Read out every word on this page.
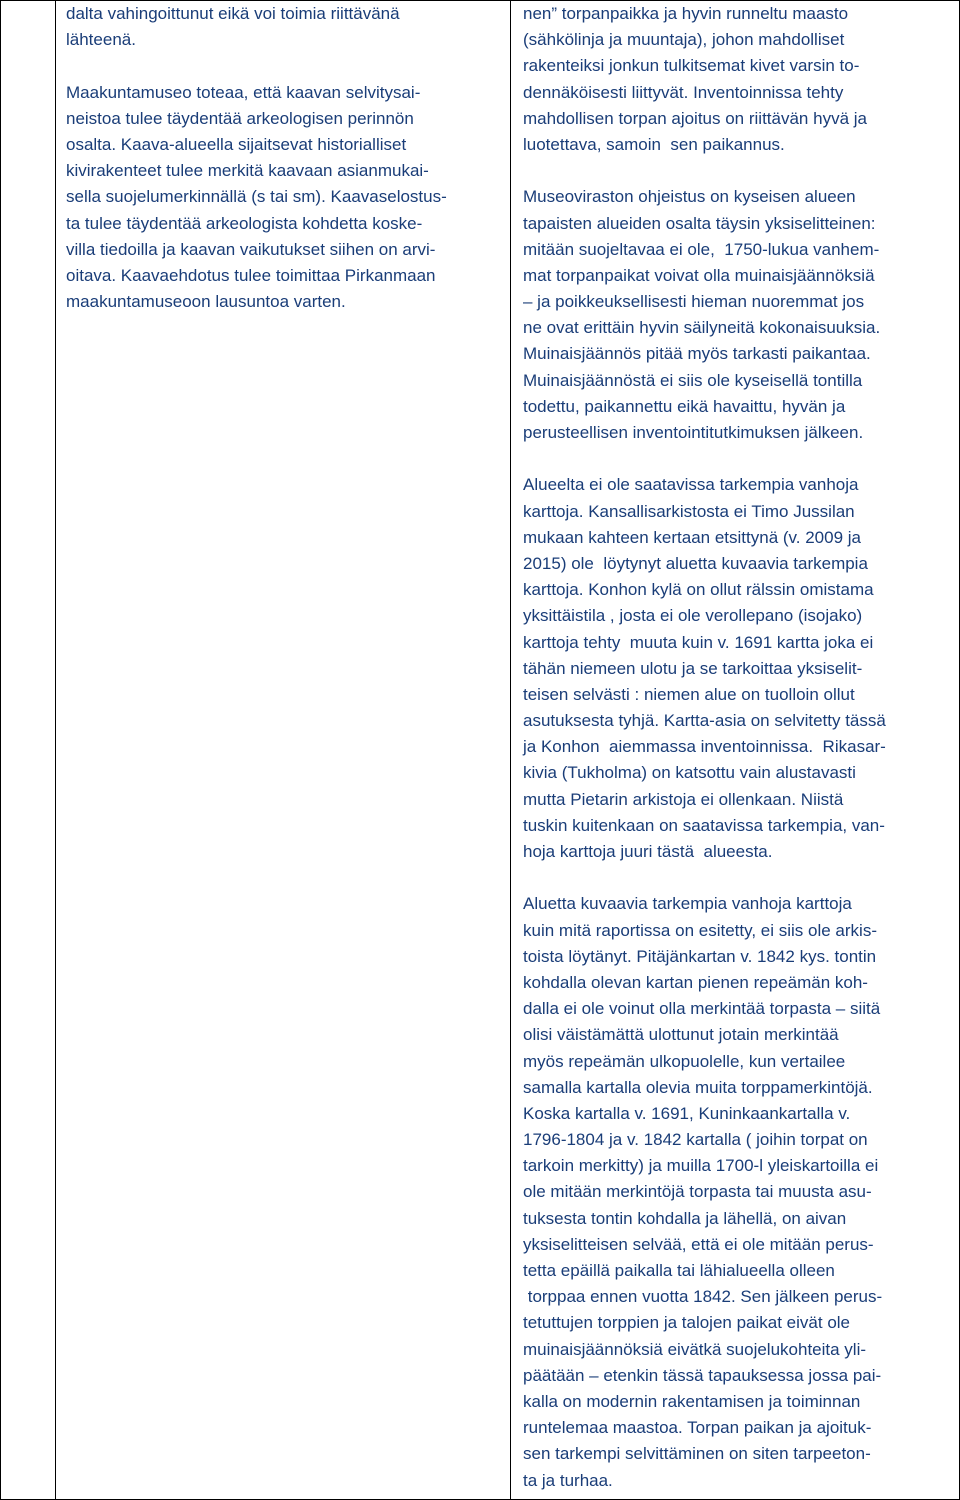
dalta vahingoittunut eikä voi toimia riittävänä
lähteenä.
Maakuntamuseo toteaa, että kaavan selvitysai-
neistoa tulee täydentää arkeologisen perinnön
osalta. Kaava-alueella sijaitsevat historialliset
kivirakenteet tulee merkitä kaavaan asianmukai-
sella suojelumerkinnällä (s tai sm). Kaavaselostus-
ta tulee täydentää arkeologista kohdetta koske-
villa tiedoilla ja kaavan vaikutukset siihen on arvi-
oitava. Kaavaehdotus tulee toimittaa Pirkanmaan
maakuntamuseoon lausuntoa varten.
nen” torpanpaikka ja hyvin runneltu maasto
(sähkölinja ja muuntaja), johon mahdolliset
rakenteiksi jonkun tulkitsemat kivet varsin to-
dennäköisesti liittyvät. Inventoinnissa tehty
mahdollisen torpan ajoitus on riittävän hyvä ja
luotettava, samoin  sen paikannus.
Museoviraston ohjeistus on kyseisen alueen
tapaisten alueiden osalta täysin yksiselitteinen:
mitään suojeltavaa ei ole,  1750-lukua vanhem-
mat torpanpaikat voivat olla muinaisjäännöksiä
– ja poikkeuksellisesti hieman nuoremmat jos
ne ovat erittäin hyvin säilyneitä kokonaisuuksia.
Muinaisjäännös pitää myös tarkasti paikantaa.
Muinaisjäännöstä ei siis ole kyseisellä tontilla
todettu, paikannettu eikä havaittu, hyvän ja
perusteellisen inventointitutkimuksen jälkeen.
Alueelta ei ole saatavissa tarkempia vanhoja
karttoja. Kansallisarkistosta ei Timo Jussilan
mukaan kahteen kertaan etsittynä (v. 2009 ja
2015) ole  löytynyt aluetta kuvaavia tarkempia
karttoja. Konhon kylä on ollut rälssin omistama
yksittäistila , josta ei ole verollepano (isojako)
karttoja tehty  muuta kuin v. 1691 kartta joka ei
tähän niemeen ulotu ja se tarkoittaa yksiselit-
teisen selvästi : niemen alue on tuolloin ollut
asutuksesta tyhjä. Kartta-asia on selvitetty tässä
ja Konhon  aiemmassa inventoinnissa.  Rikasar-
kivia (Tukholma) on katsottu vain alustavasti
mutta Pietarin arkistoja ei ollenkaan. Niistä
tuskin kuitenkaan on saatavissa tarkempia, van-
hoja karttoja juuri tästä  alueesta.
Aluetta kuvaavia tarkempia vanhoja karttoja
kuin mitä raportissa on esitetty, ei siis ole arkis-
toista löytänyt. Pitäjänkartan v. 1842 kys. tontin
kohdalla olevan kartan pienen repeämän koh-
dalla ei ole voinut olla merkintää torpasta – siitä
olisi väistämättä ulottunut jotain merkintää
myös repeämän ulkopuolelle, kun vertailee
samalla kartalla olevia muita torppamerkintöjä.
Koska kartalla v. 1691, Kuninkaankartalla v.
1796-1804 ja v. 1842 kartalla ( joihin torpat on
tarkoin merkitty) ja muilla 1700-l yleiskartoilla ei
ole mitään merkintöjä torpasta tai muusta asu-
tuksesta tontin kohdalla ja lähellä, on aivan
yksiselitteisen selvää, että ei ole mitään perus-
tetta epäillä paikalla tai lähialueella olleen
torppaa ennen vuotta 1842. Sen jälkeen perus-
tetuttujen torppien ja talojen paikat eivät ole
muinaisjäännöksiä eivätkä suojelukohteita yli-
päätään – etenkin tässä tapauksessa jossa pai-
kalla on modernin rakentamisen ja toiminnan
runtelemaa maastoa. Torpan paikan ja ajoituk-
sen tarkempi selvittäminen on siten tarpeeton-
ta ja turhaa.
